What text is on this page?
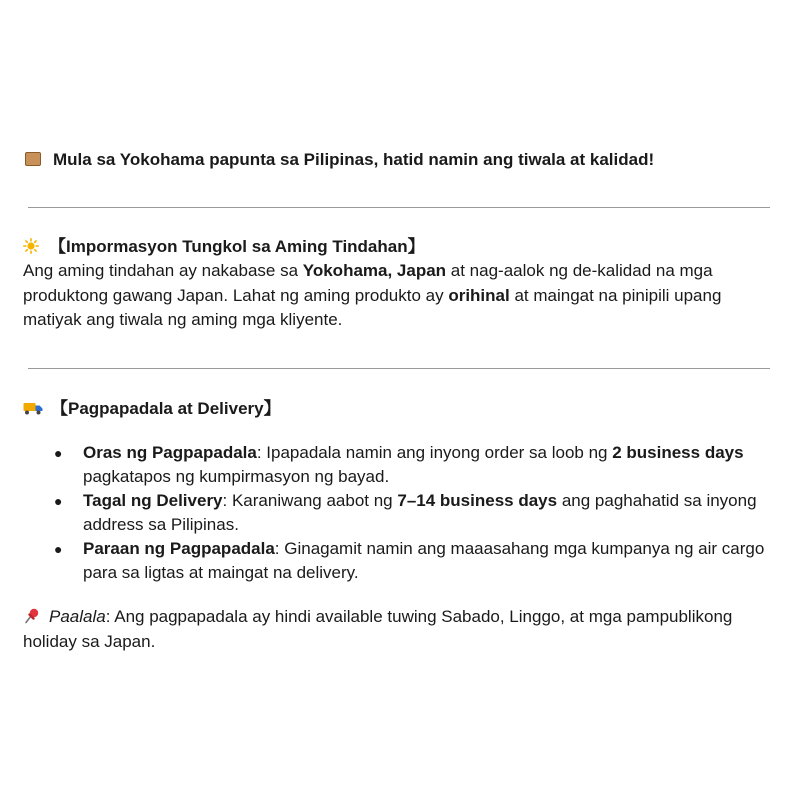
Mula sa Yokohama papunta sa Pilipinas, hatid namin ang tiwala at kalidad!
【Impormasyon Tungkol sa Aming Tindahan】
Ang aming tindahan ay nakabase sa Yokohama, Japan at nag-aalok ng de-kalidad na mga produktong gawang Japan. Lahat ng aming produkto ay orihinal at maingat na pinipili upang matiyak ang tiwala ng aming mga kliyente.
【Pagpapadala at Delivery】
● Oras ng Pagpapadala: Ipapadala namin ang inyong order sa loob ng 2 business days pagkatapos ng kumpirmasyon ng bayad.
● Tagal ng Delivery: Karaniwang aabot ng 7–14 business days ang paghahatid sa inyong address sa Pilipinas.
● Paraan ng Pagpapadala: Ginagamit namin ang maaasahang mga kumpanya ng air cargo para sa ligtas at maingat na delivery.
Paalala: Ang pagpapadala ay hindi available tuwing Sabado, Linggo, at mga pampublikong holiday sa Japan.
